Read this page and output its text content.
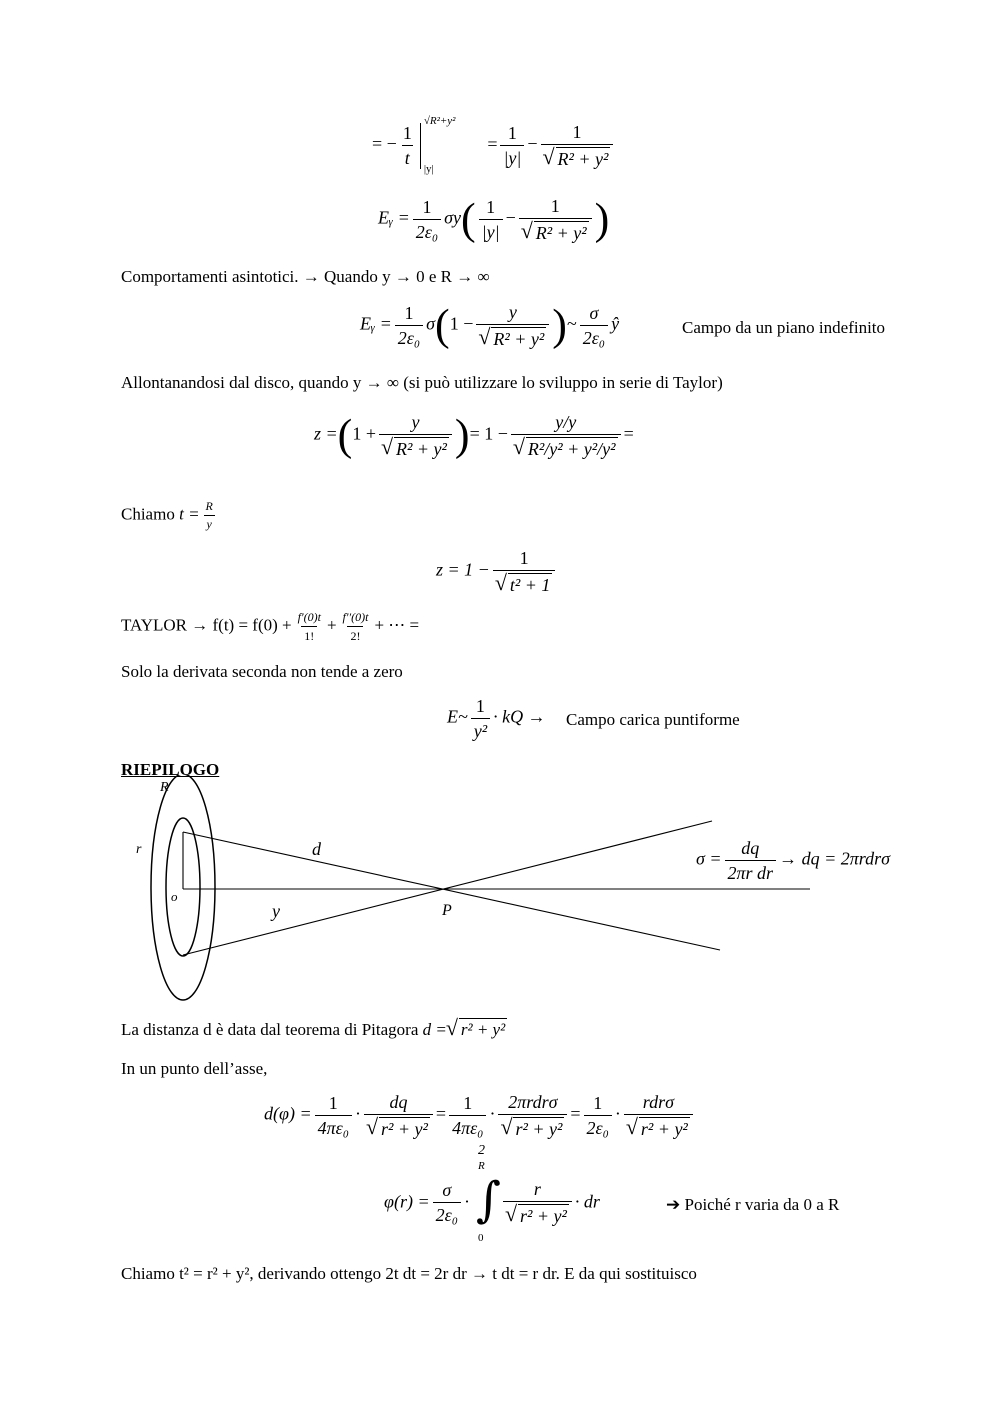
= − $\frac{1}{t}$
√R²+y²
|y|
= $\frac{1}{|y|} - 1$
√ R² + y²
Eᵧ = $\frac{1}{\text{2ε₀}} \sigma y( \frac{1}{|y|} - 1$
√ R² + y² )
Comportamenti asintotici. → Quando y → 0 e R → ∞
Eᵧ = $\frac{1}{\text{2ε₀}} \sigma(1 - y$
√ R² + y² )~ $\frac{\sigma}{\text{2ε₀}}$ ŷ	Campo da un piano indefinito
Allontanandosi dal disco, quando y → ∞ (si può utilizzare lo sviluppo in serie di Taylor)
z =(1 + y
√ R² + y² )= 1 − y/y
√ R²/y² + y²/y² =
Chiamo $t = \frac{R}{y}$
z = 1 − 1
√ t² + 1
TAYLOR → $f(t) = f(0) + \frac{f'(0)t}{1!} + \frac{f''(0)t}{2!}$ + ⋯ =
Solo la derivata seconda non tende a zero
E~ $\frac{1}{\text{y²}}$ · kQ → Campo carica puntiforme
RIEPILOGO
R
r
o
d
y	P
$\sigma = \frac{dq}{\text{2πr dr}}$ → dq = 2πrdrσ
La distanza d è data dal teorema di Pitagora d =√ r² + y²
In un punto dell’asse,
$d(\varphi) = \frac{1}{\text{4πε₀}}$ · dq
√ $r^2 + y^2 = \frac{1}{\text{4πε₀}} \cdot 2\pi rdr\sigma$
√ $r^2 + y^2 = \frac{1}{\text{2ε₀}} \cdot rdr\sigma$
√ r² + y²
2
$\varphi(r) = \frac{\sigma}{\text{2ε₀}}$ ·
R
∫
0
r
√ r² + y² · dr	➔ Poiché r varia da 0 a R
Chiamo t² = r² + y², derivando ottengo 2t dt = 2r dr → t dt = r dr. E da qui sostituisco
